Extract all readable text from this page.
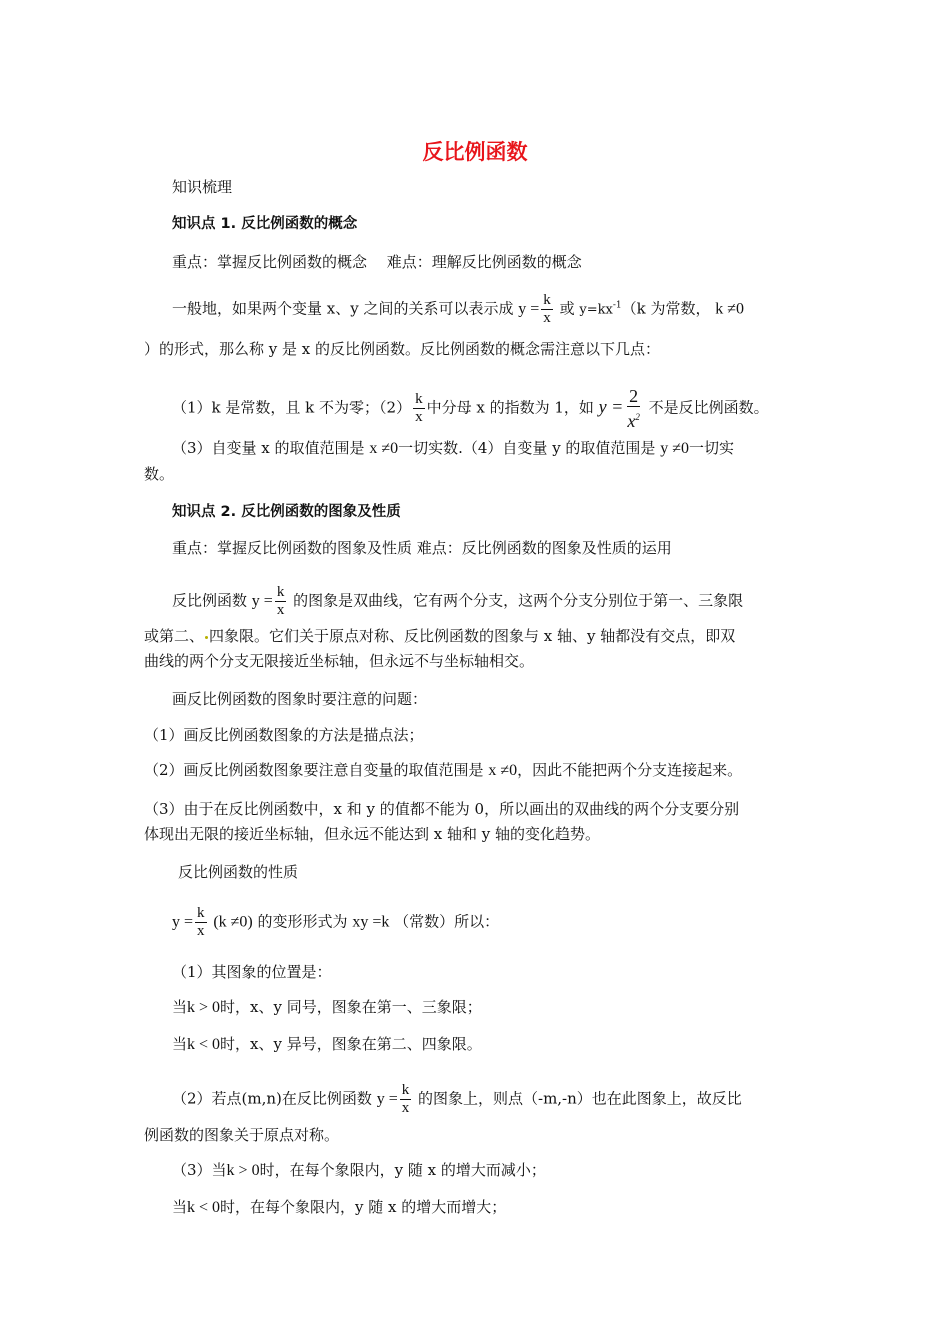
反比例函数
知识梳理
知识点 1. 反比例函数的概念
重点：掌握反比例函数的概念　 难点：理解反比例函数的概念
一般地，如果两个变量 x、y 之间的关系可以表示成 $y = \frac{k}{x}$ 或 $y=kx^{-1}(k$ 为常数， k ≠0
）的形式，那么称 y 是 x 的反比例函数。反比例函数的概念需注意以下几点：
（1）k 是常数，且 k 不为零；$(2) \frac{k}{x}$ 中分母 x 的指数为 1，如 $y = \frac{2}{x^2}$ 不是反比例函数。
（3）自变量 x 的取值范围是 x ≠0一切实数.（4）自变量 y 的取值范围是 y ≠0一切实
数。
知识点 2. 反比例函数的图象及性质
重点：掌握反比例函数的图象及性质 难点：反比例函数的图象及性质的运用
反比例函数 $y = \frac{k}{x}$ 的图象是双曲线，它有两个分支，这两个分支分别位于第一、三象限
或第二、 四象限。它们关于原点对称、反比例函数的图象与 x 轴、y 轴都没有交点，即双
曲线的两个分支无限接近坐标轴，但永远不与坐标轴相交。
画反比例函数的图象时要注意的问题：
（1）画反比例函数图象的方法是描点法；
（2）画反比例函数图象要注意自变量的取值范围是 x ≠0，因此不能把两个分支连接起来。
（3）由于在反比例函数中，x 和 y 的值都不能为 0，所以画出的双曲线的两个分支要分别
体现出无限的接近坐标轴，但永远不能达到 x 轴和 y 轴的变化趋势。
反比例函数的性质
$y = \frac{k}{x} (k \ne 0)$ 的变形形式为 xy =k （常数）所以：
（1）其图象的位置是：
当k > 0时，x、y 同号，图象在第一、三象限；
当k < 0时，x、y 异号，图象在第二、四象限。
（2）若点(m,n)在反比例函数 $y = \frac{k}{x}$ 的图象上，则点（-m,-n）也在此图象上，故反比
例函数的图象关于原点对称。
（3）当k > 0时，在每个象限内，y 随 x 的增大而减小；
当k < 0时，在每个象限内，y 随 x 的增大而增大；
